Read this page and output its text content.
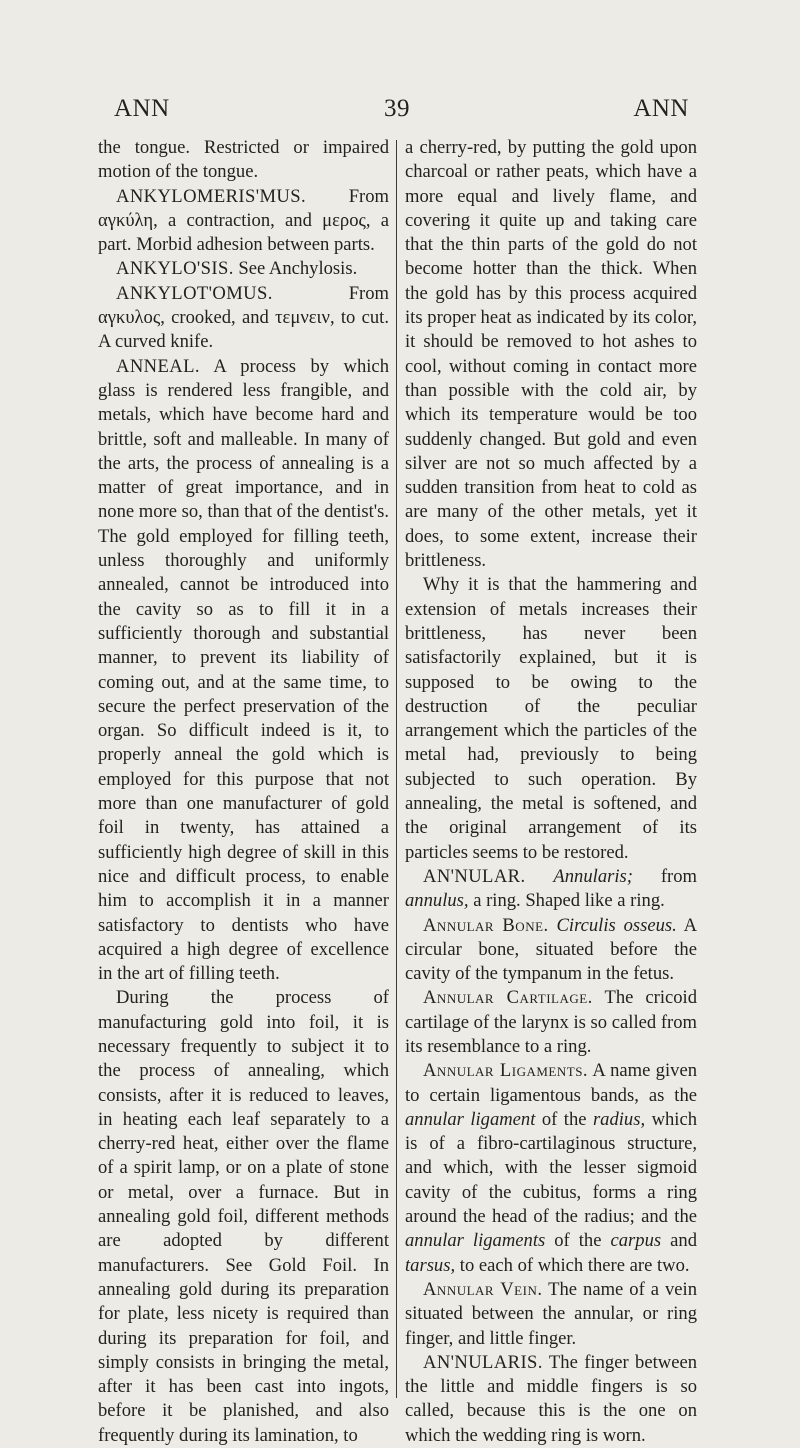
ANN	39	ANN

the tongue. Restricted or impaired motion of the tongue.

ANKYLOMERIS'MUS. From αγκύλη, a contraction, and μερος, a part. Morbid adhesion between parts.

ANKYLO'SIS. See Anchylosis.

ANKYLOT'OMUS. From αγκυλος, crooked, and τεμνειν, to cut. A curved knife.

ANNEAL. A process by which glass is rendered less frangible, and metals, which have become hard and brittle, soft and malleable. In many of the arts, the process of annealing is a matter of great importance, and in none more so, than that of the dentist's. The gold employed for filling teeth, unless thoroughly and uniformly annealed, cannot be introduced into the cavity so as to fill it in a sufficiently thorough and substantial manner, to prevent its liability of coming out, and at the same time, to secure the perfect preservation of the organ. So difficult indeed is it, to properly anneal the gold which is employed for this purpose that not more than one manufacturer of gold foil in twenty, has attained a sufficiently high degree of skill in this nice and difficult process, to enable him to accomplish it in a manner satisfactory to dentists who have acquired a high degree of excellence in the art of filling teeth.

During the process of manufacturing gold into foil, it is necessary frequently to subject it to the process of annealing, which consists, after it is reduced to leaves, in heating each leaf separately to a cherry-red heat, either over the flame of a spirit lamp, or on a plate of stone or metal, over a furnace. But in annealing gold foil, different methods are adopted by different manufacturers. See Gold Foil. In annealing gold during its preparation for plate, less nicety is required than during its preparation for foil, and simply consists in bringing the metal, after it has been cast into ingots, before it be planished, and also frequently during its lamination, to

a cherry-red, by putting the gold upon charcoal or rather peats, which have a more equal and lively flame, and covering it quite up and taking care that the thin parts of the gold do not become hotter than the thick. When the gold has by this process acquired its proper heat as indicated by its color, it should be removed to hot ashes to cool, without coming in contact more than possible with the cold air, by which its temperature would be too suddenly changed. But gold and even silver are not so much affected by a sudden transition from heat to cold as are many of the other metals, yet it does, to some extent, increase their brittleness.

Why it is that the hammering and extension of metals increases their brittleness, has never been satisfactorily explained, but it is supposed to be owing to the destruction of the peculiar arrangement which the particles of the metal had, previously to being subjected to such operation. By annealing, the metal is softened, and the original arrangement of its particles seems to be restored.

AN'NULAR. Annularis; from annulus, a ring. Shaped like a ring.

Annular Bone. Circulis osseus. A circular bone, situated before the cavity of the tympanum in the fetus.

Annular Cartilage. The cricoid cartilage of the larynx is so called from its resemblance to a ring.

Annular Ligaments. A name given to certain ligamentous bands, as the annular ligament of the radius, which is of a fibro-cartilaginous structure, and which, with the lesser sigmoid cavity of the cubitus, forms a ring around the head of the radius; and the annular ligaments of the carpus and tarsus, to each of which there are two.

Annular Vein. The name of a vein situated between the annular, or ring finger, and little finger.

AN'NULARIS. The finger between the little and middle fingers is so called, because this is the one on which the wedding ring is worn.
